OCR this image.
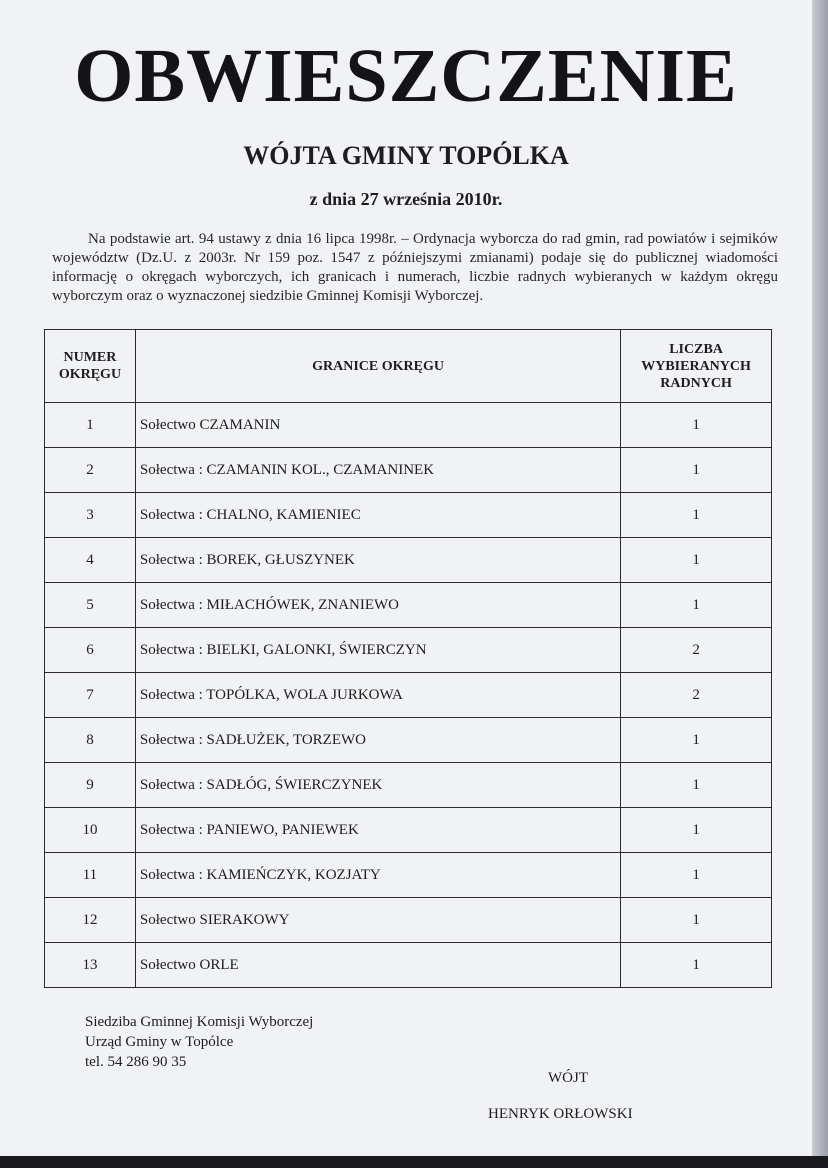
OBWIESZCZENIE
WÓJTA GMINY TOPÓLKA
z dnia 27 września 2010r.
Na podstawie art. 94 ustawy z dnia 16 lipca 1998r. – Ordynacja wyborcza do rad gmin, rad powiatów i sejmików województw (Dz.U. z 2003r. Nr 159 poz. 1547 z późniejszymi zmianami) podaje się do publicznej wiadomości informację o okręgach wyborczych, ich granicach i numerach, liczbie radnych wybieranych w każdym okręgu wyborczym oraz o wyznaczonej siedzibie Gminnej Komisji Wyborczej.
NUMER
OKRĘGU	GRANICE OKRĘGU	LICZBA
WYBIERANYCH
RADNYCH
1	Sołectwo CZAMANIN	1
2	Sołectwa : CZAMANIN KOL., CZAMANINEK	1
3	Sołectwa : CHALNO, KAMIENIEC	1
4	Sołectwa : BOREK, GŁUSZYNEK	1
5	Sołectwa : MIŁACHÓWEK, ZNANIEWO	1
6	Sołectwa : BIELKI, GALONKI, ŚWIERCZYN	2
7	Sołectwa : TOPÓLKA, WOLA JURKOWA	2
8	Sołectwa : SADŁUŻEK, TORZEWO	1
9	Sołectwa : SADŁÓG, ŚWIERCZYNEK	1
10	Sołectwa : PANIEWO, PANIEWEK	1
11	Sołectwa : KAMIEŃCZYK, KOZJATY	1
12	Sołectwo SIERAKOWY	1
13	Sołectwo ORLE	1
Siedziba Gminnej Komisji Wyborczej
Urząd Gminy w Topólce
tel. 54 286 90 35
WÓJT
HENRYK ORŁOWSKI
